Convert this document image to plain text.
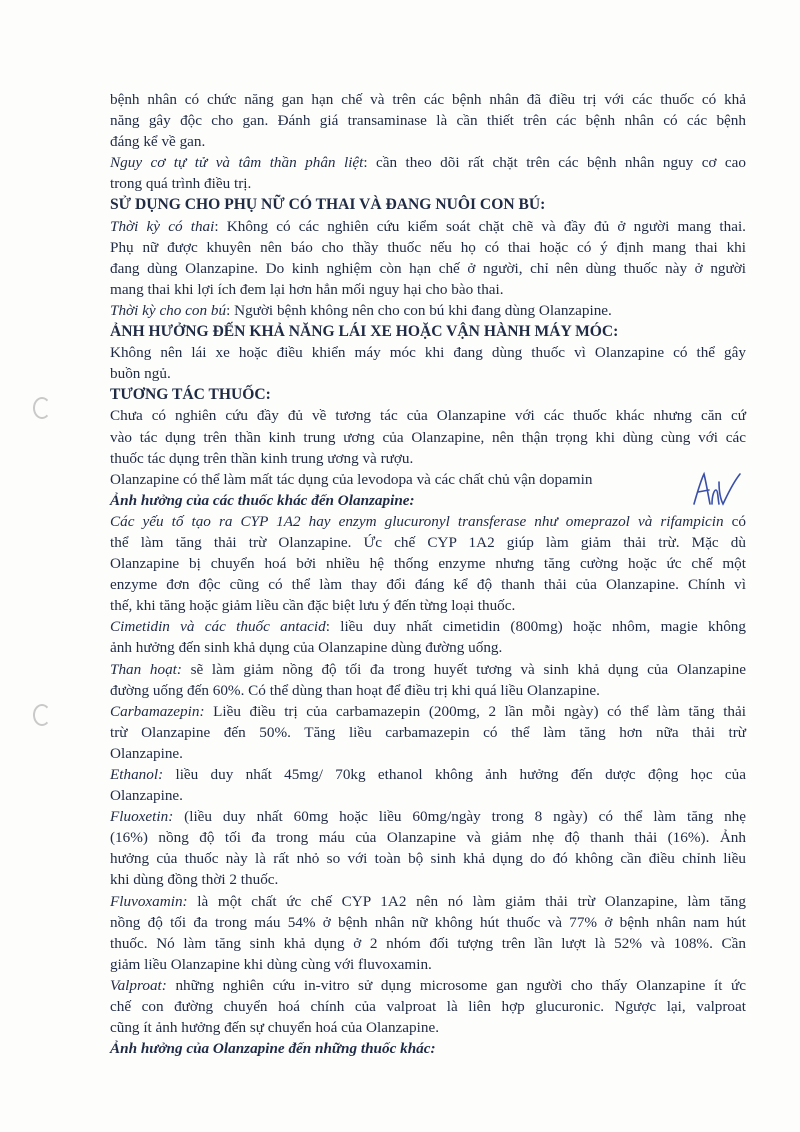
bệnh nhân có chức năng gan hạn chế và trên các bệnh nhân đã điều trị với các thuốc có khả
năng gây độc cho gan. Đánh giá transaminase là cần thiết trên các bệnh nhân có các bệnh
đáng kể về gan.
Nguy cơ tự tử và tâm thần phân liệt: cần theo dõi rất chặt trên các bệnh nhân nguy cơ cao
trong quá trình điều trị.
SỬ DỤNG CHO PHỤ NỮ CÓ THAI VÀ ĐANG NUÔI CON BÚ:
Thời kỳ có thai: Không có các nghiên cứu kiểm soát chặt chẽ và đầy đủ ở người mang thai.
Phụ nữ được khuyên nên báo cho thầy thuốc nếu họ có thai hoặc có ý định mang thai khi
đang dùng Olanzapine. Do kinh nghiệm còn hạn chế ở người, chỉ nên dùng thuốc này ở người
mang thai khi lợi ích đem lại hơn hẳn mối nguy hại cho bào thai.
Thời kỳ cho con bú: Người bệnh không nên cho con bú khi đang dùng Olanzapine.
ẢNH HƯỞNG ĐẾN KHẢ NĂNG LÁI XE HOẶC VẬN HÀNH MÁY MÓC:
Không nên lái xe hoặc điều khiển máy móc khi đang dùng thuốc vì Olanzapine có thể gây
buồn ngủ.
TƯƠNG TÁC THUỐC:
Chưa có nghiên cứu đầy đủ về tương tác của Olanzapine với các thuốc khác nhưng căn cứ
vào tác dụng trên thần kinh trung ương của Olanzapine, nên thận trọng khi dùng cùng với các
thuốc tác dụng trên thần kinh trung ương và rượu.
Olanzapine có thể làm mất tác dụng của levodopa và các chất chủ vận dopamin
Ảnh hưởng của các thuốc khác đến Olanzapine:
Các yếu tố tạo ra CYP 1A2 hay enzym glucuronyl transferase như omeprazol và rifampicin có
thể làm tăng thải trừ Olanzapine. Ức chế CYP 1A2 giúp làm giảm thải trừ. Mặc dù
Olanzapine bị chuyển hoá bởi nhiều hệ thống enzyme nhưng tăng cường hoặc ức chế một
enzyme đơn độc cũng có thể làm thay đổi đáng kể độ thanh thải của Olanzapine. Chính vì
thế, khi tăng hoặc giảm liều cần đặc biệt lưu ý đến từng loại thuốc.
Cimetidin và các thuốc antacid: liều duy nhất cimetidin (800mg) hoặc nhôm, magie không
ảnh hưởng đến sinh khả dụng của Olanzapine dùng đường uống.
Than hoạt: sẽ làm giảm nồng độ tối đa trong huyết tương và sinh khả dụng của Olanzapine
đường uống đến 60%. Có thể dùng than hoạt để điều trị khi quá liều Olanzapine.
Carbamazepin: Liều điều trị của carbamazepin (200mg, 2 lần mỗi ngày) có thể làm tăng thải
trừ Olanzapine đến 50%. Tăng liều carbamazepin có thể làm tăng hơn nữa thải trừ
Olanzapine.
Ethanol: liều duy nhất 45mg/ 70kg ethanol không ảnh hưởng đến dược động học của
Olanzapine.
Fluoxetin: (liều duy nhất 60mg hoặc liều 60mg/ngày trong 8 ngày) có thể làm tăng nhẹ
(16%) nồng độ tối đa trong máu của Olanzapine và giảm nhẹ độ thanh thải (16%). Ảnh
hưởng của thuốc này là rất nhỏ so với toàn bộ sinh khả dụng do đó không cần điều chỉnh liều
khi dùng đồng thời 2 thuốc.
Fluvoxamin: là một chất ức chế CYP 1A2 nên nó làm giảm thải trừ Olanzapine, làm tăng
nồng độ tối đa trong máu 54% ở bệnh nhân nữ không hút thuốc và 77% ở bệnh nhân nam hút
thuốc. Nó làm tăng sinh khả dụng ở 2 nhóm đối tượng trên lần lượt là 52% và 108%. Cần
giảm liều Olanzapine khi dùng cùng với fluvoxamin.
Valproat: những nghiên cứu in-vitro sử dụng microsome gan người cho thấy Olanzapine ít ức
chế con đường chuyển hoá chính của valproat là liên hợp glucuronic. Ngược lại, valproat
cũng ít ảnh hưởng đến sự chuyển hoá của Olanzapine.
Ảnh hưởng của Olanzapine đến những thuốc khác:
